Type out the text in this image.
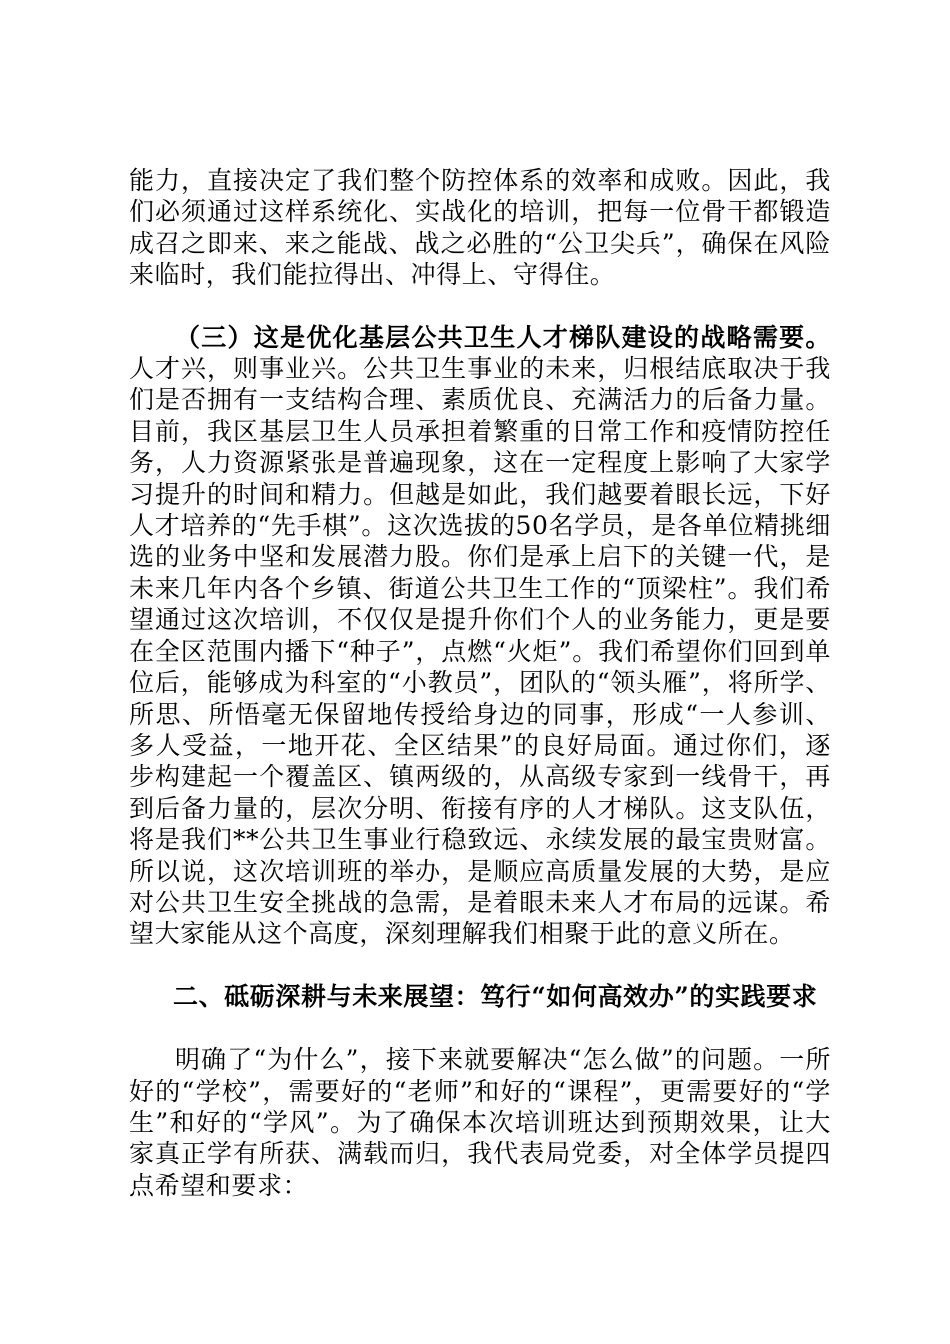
能力，直接决定了我们整个防控体系的效率和成败。因此，我们必须通过这样系统化、实战化的培训，把每一位骨干都锻造成召之即来、来之能战、战之必胜的“公卫尖兵”，确保在风险来临时，我们能拉得出、冲得上、守得住。

（三）这是优化基层公共卫生人才梯队建设的战略需要。人才兴，则事业兴。公共卫生事业的未来，归根结底取决于我们是否拥有一支结构合理、素质优良、充满活力的后备力量。目前，我区基层卫生人员承担着繁重的日常工作和疫情防控任务，人力资源紧张是普遍现象，这在一定程度上影响了大家学习提升的时间和精力。但越是如此，我们越要着眼长远，下好人才培养的“先手棋”。这次选拔的50名学员，是各单位精挑细选的业务中坚和发展潜力股。你们是承上启下的关键一代，是未来几年内各个乡镇、街道公共卫生工作的“顶梁柱”。我们希望通过这次培训，不仅仅是提升你们个人的业务能力，更是要在全区范围内播下“种子”，点燃“火炬”。我们希望你们回到单位后，能够成为科室的“小教员”，团队的“领头雁”，将所学、所思、所悟毫无保留地传授给身边的同事，形成“一人参训、多人受益，一地开花、全区结果”的良好局面。通过你们，逐步构建起一个覆盖区、镇两级的，从高级专家到一线骨干，再到后备力量的，层次分明、衔接有序的人才梯队。这支队伍，将是我们**公共卫生事业行稳致远、永续发展的最宝贵财富。所以说，这次培训班的举办，是顺应高质量发展的大势，是应对公共卫生安全挑战的急需，是着眼未来人才布局的远谋。希望大家能从这个高度，深刻理解我们相聚于此的意义所在。

二、砥砺深耕与未来展望：笃行“如何高效办”的实践要求

明确了“为什么”，接下来就要解决“怎么做”的问题。一所好的“学校”，需要好的“老师”和好的“课程”，更需要好的“学生”和好的“学风”。为了确保本次培训班达到预期效果，让大家真正学有所获、满载而归，我代表局党委，对全体学员提四点希望和要求：
